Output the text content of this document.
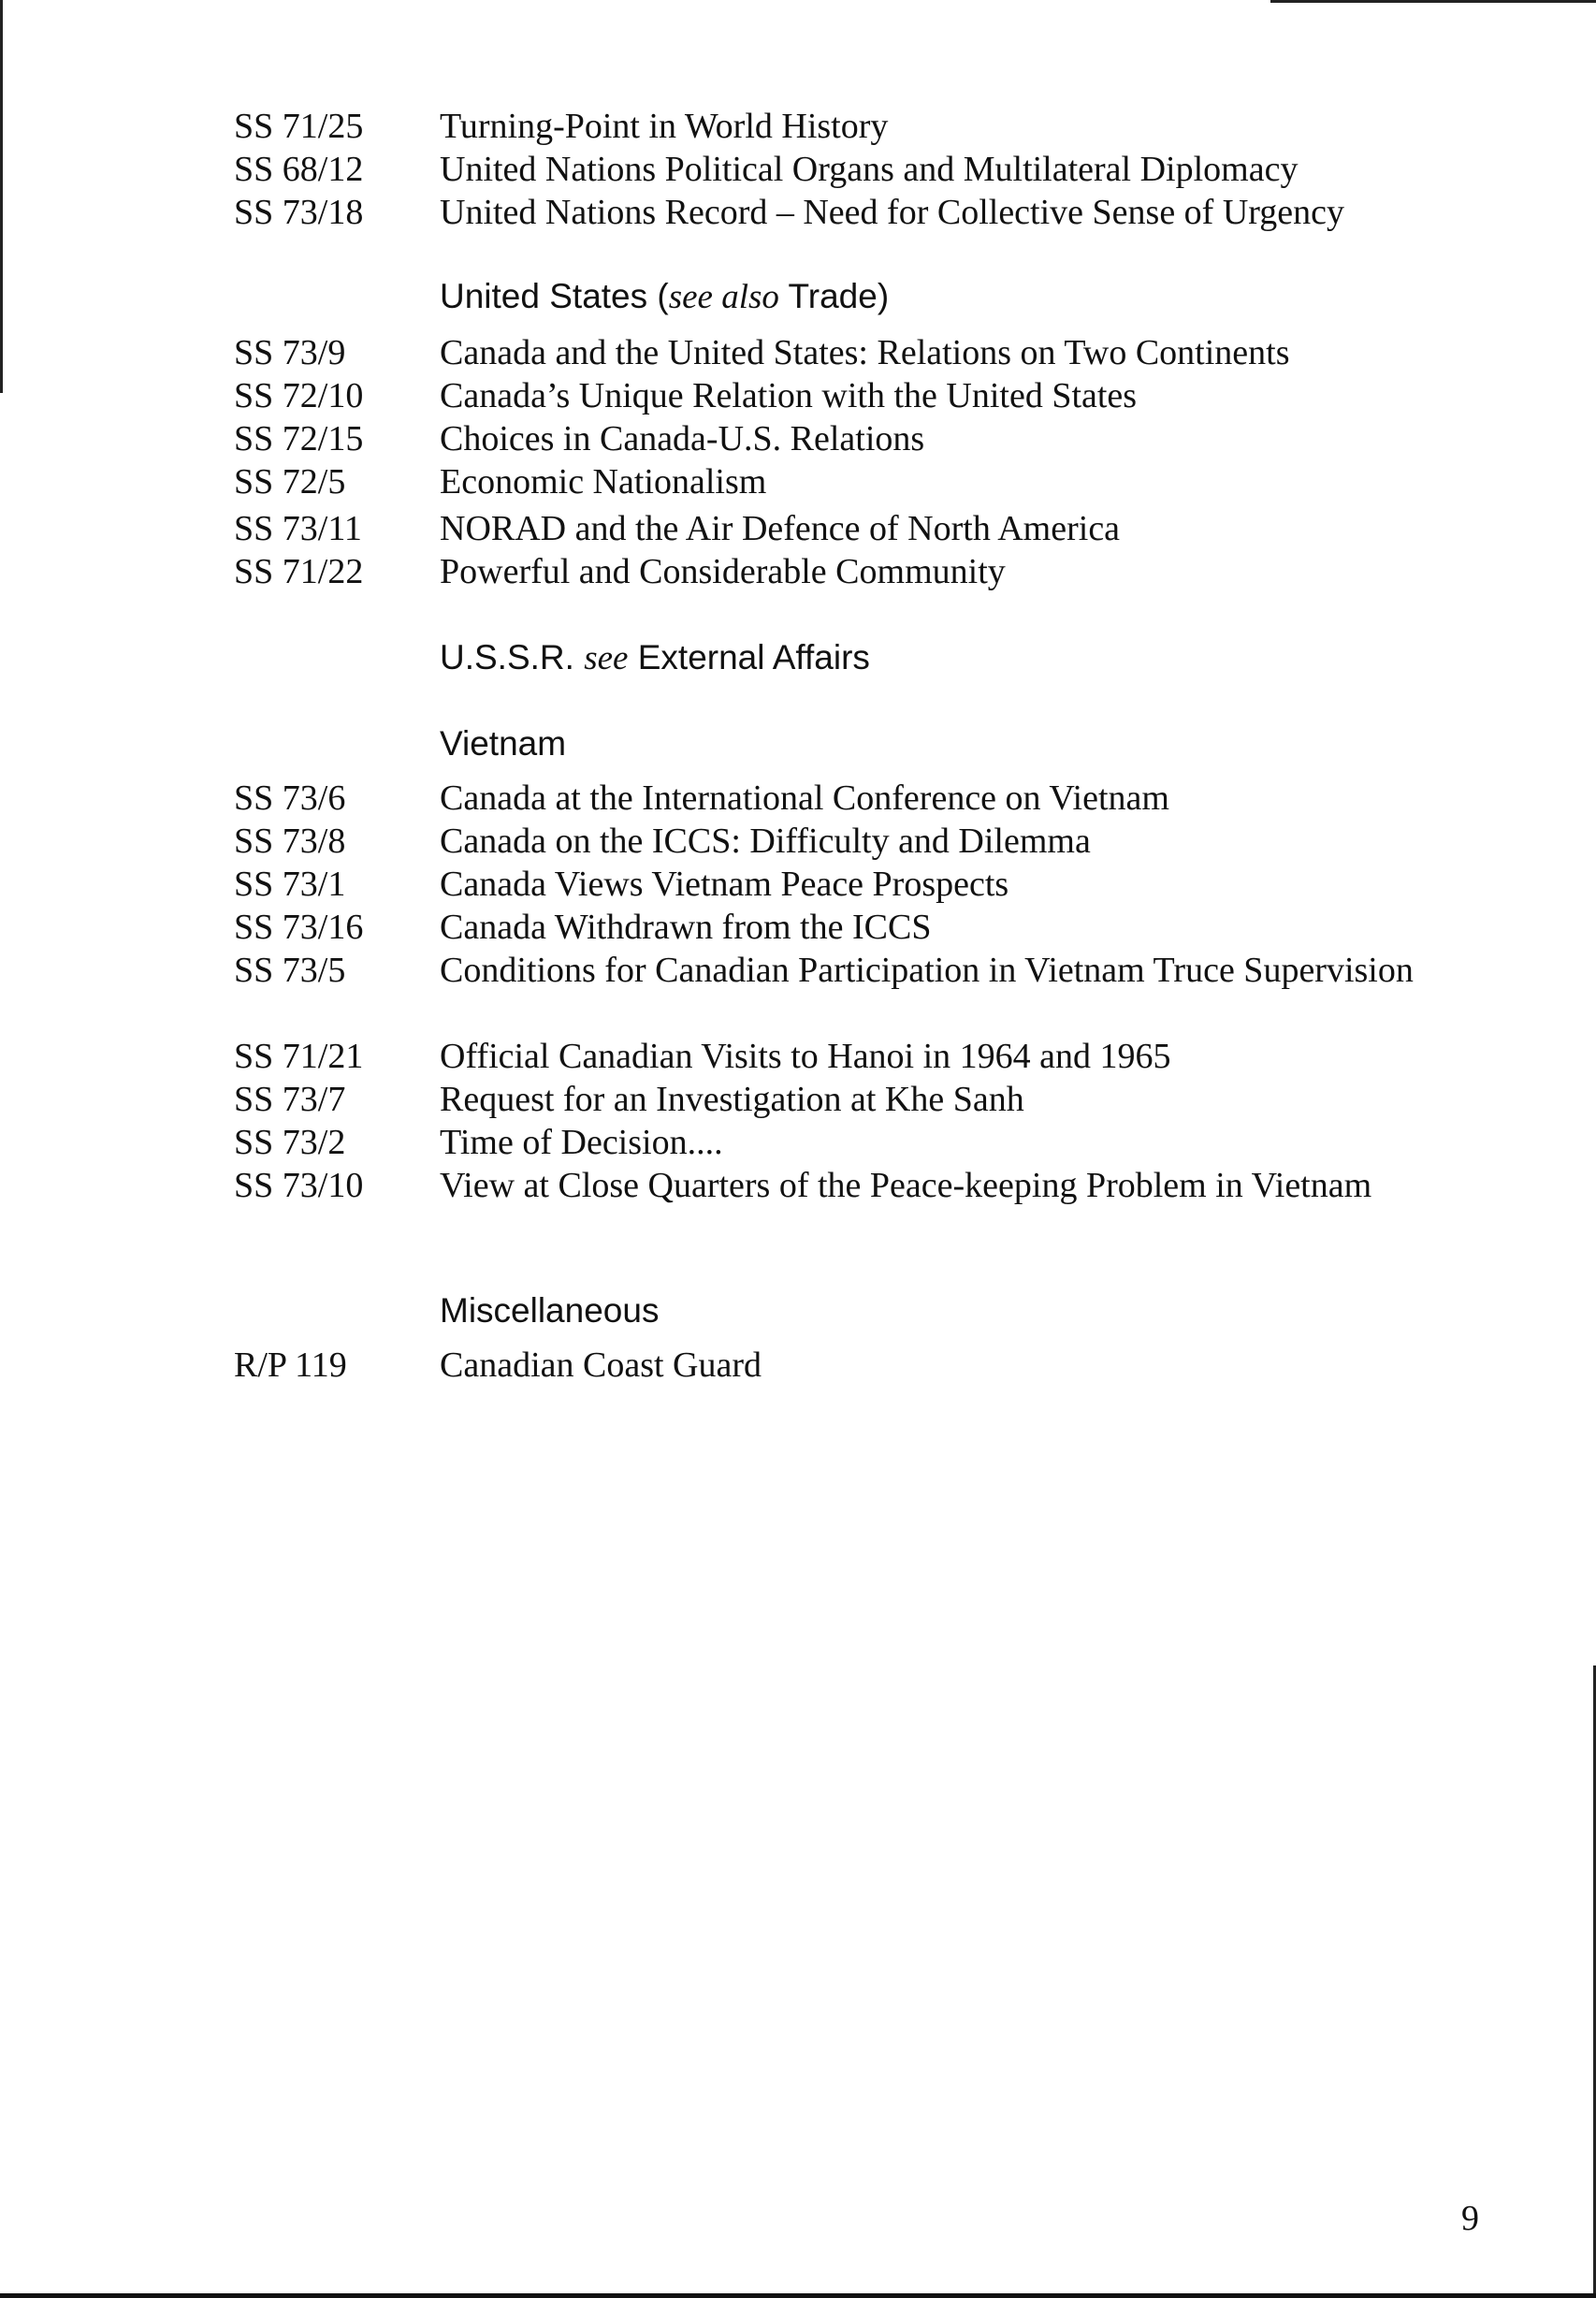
SS 71/25	Turning-Point in World History
SS 68/12	United Nations Political Organs and Multilateral Diplomacy
SS 73/18	United Nations Record – Need for Collective Sense of Urgency
United States (see also Trade)
SS 73/9	Canada and the United States: Relations on Two Continents
SS 72/10	Canada’s Unique Relation with the United States
SS 72/15	Choices in Canada-U.S. Relations
SS 72/5	Economic Nationalism
SS 73/11	NORAD and the Air Defence of North America
SS 71/22	Powerful and Considerable Community
U.S.S.R. see External Affairs
Vietnam
SS 73/6	Canada at the International Conference on Vietnam
SS 73/8	Canada on the ICCS: Difficulty and Dilemma
SS 73/1	Canada Views Vietnam Peace Prospects
SS 73/16	Canada Withdrawn from the ICCS
SS 73/5	Conditions for Canadian Participation in Vietnam Truce Supervision
SS 71/21	Official Canadian Visits to Hanoi in 1964 and 1965
SS 73/7	Request for an Investigation at Khe Sanh
SS 73/2	Time of Decision....
SS 73/10	View at Close Quarters of the Peace-keeping Problem in Vietnam
Miscellaneous
R/P 119	Canadian Coast Guard
9
